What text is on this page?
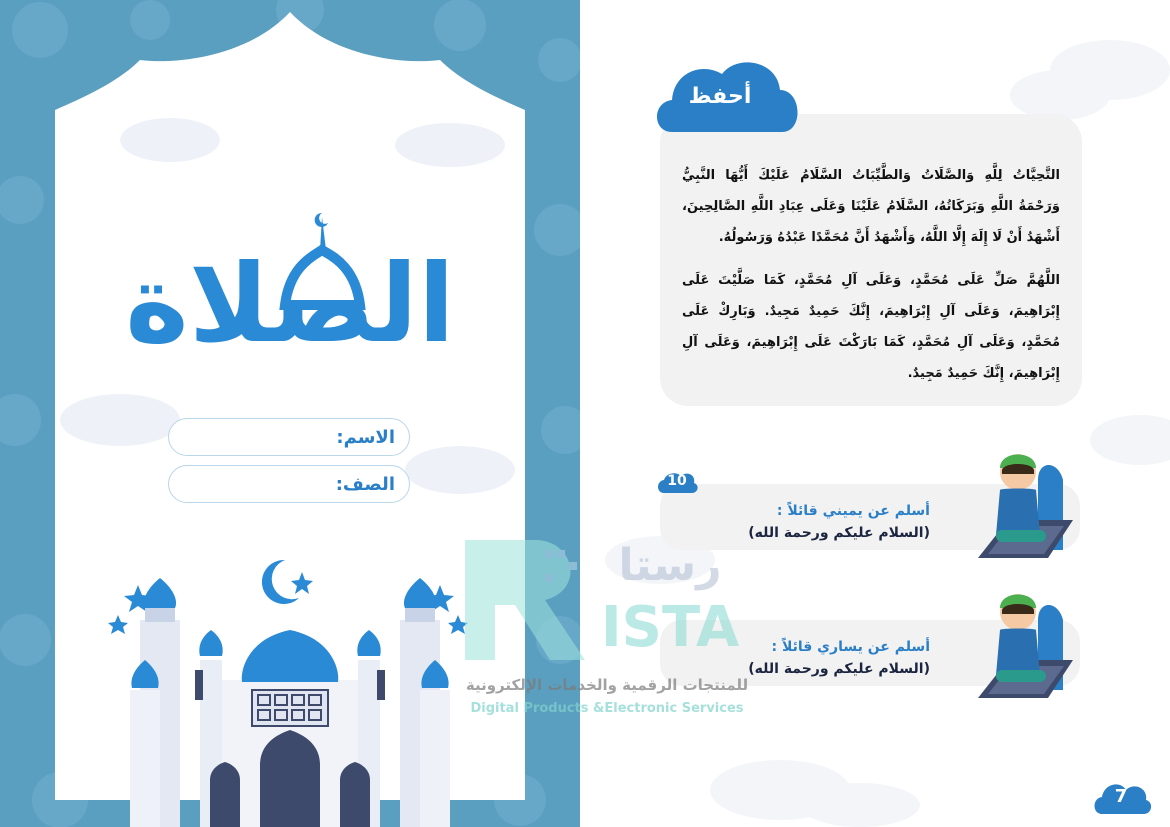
الصلاة
الاسم:
الصف:

التَّحِيَّاتُ لِلَّهِ وَالصَّلَاتُ وَالطَّيِّبَاتُ السَّلَامُ عَلَيْكَ أَيُّهَا النَّبِيُّ وَرَحْمَةُ اللَّهِ وَبَرَكَاتُهُ، السَّلَامُ عَلَيْنَا وَعَلَى عِبَادِ اللَّهِ الصَّالِحِينَ، أَشْهَدُ أَنْ لَا إِلَهَ إِلَّا اللَّهُ، وَأَشْهَدُ أَنَّ مُحَمَّدًا عَبْدُهُ وَرَسُولُهُ.

اللَّهُمَّ صَلِّ عَلَى مُحَمَّدٍ، وَعَلَى آلِ مُحَمَّدٍ، كَمَا صَلَّيْتَ عَلَى إِبْرَاهِيمَ، وَعَلَى آلِ إِبْرَاهِيمَ، إِنَّكَ حَمِيدٌ مَجِيدٌ. وَبَارِكْ عَلَى مُحَمَّدٍ، وَعَلَى آلِ مُحَمَّدٍ، كَمَا بَارَكْتَ عَلَى إِبْرَاهِيمَ، وَعَلَى آلِ إِبْرَاهِيمَ، إِنَّكَ حَمِيدٌ مَجِيدٌ.

أحفظ
أسلم عن يميني قائلاً :
(السلام عليكم ورحمة الله)
10
أسلم عن يساري قائلاً :
(السلام عليكم ورحمة الله)
رستا
ISTA
للمنتجات الرقمية والخدمات الإلكترونية
Digital Products &Electronic Services
7
